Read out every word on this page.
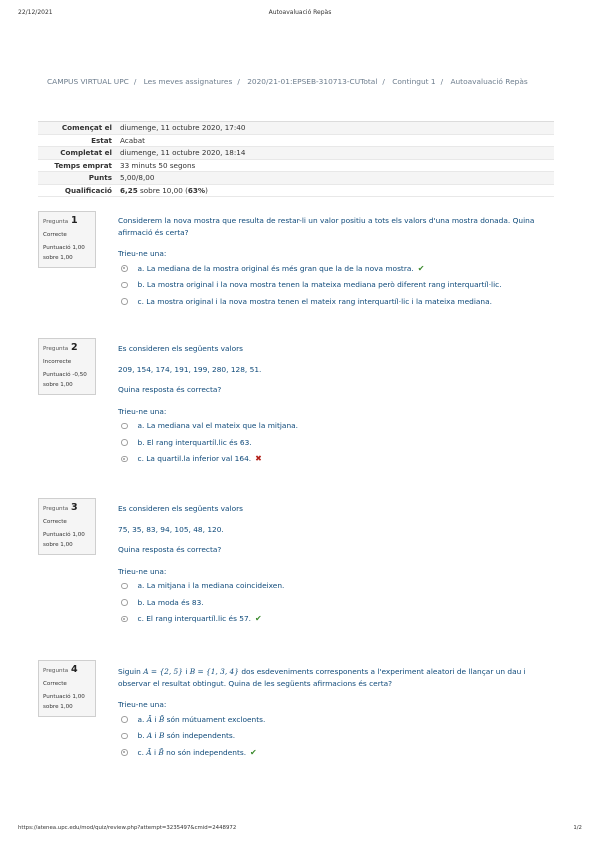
22/12/2021	Autoavaluació Repàs
CAMPUS VIRTUAL UPC / Les meves assignatures / 2020/21-01:EPSEB-310713-CUTotal / Contingut 1 / Autoavaluació Repàs
Començat el	diumenge, 11 octubre 2020, 17:40
Estat	Acabat
Completat el	diumenge, 11 octubre 2020, 18:14
Temps emprat	33 minuts 50 segons
Punts	5,00/8,00
Qualificació	6,25 sobre 10,00 (63%)
Pregunta 1
Correcte
Puntuació 1,00
sobre 1,00

Considerem la nova mostra que resulta de restar-li un valor positiu a tots els valors d'una mostra donada. Quina afirmació és certa?

Trieu-ne una:
a. La mediana de la mostra original és més gran que la de la nova mostra. ✔
b. La mostra original i la nova mostra tenen la mateixa mediana però diferent rang interquartíl·lic.
c. La mostra original i la nova mostra tenen el mateix rang interquartíl·lic i la mateixa mediana.
Pregunta 2
Incorrecte
Puntuació -0,50
sobre 1,00

Es consideren els següents valors

209, 154, 174, 191, 199, 280, 128, 51.

Quina resposta és correcta?

Trieu-ne una:
a. La mediana val el mateix que la mitjana.
b. El rang interquartíl.lic és 63.
c. La quartil.la inferior val 164. ✖
Pregunta 3
Correcte
Puntuació 1,00
sobre 1,00

Es consideren els següents valors

75, 35, 83, 94, 105, 48, 120.

Quina resposta és correcta?

Trieu-ne una:
a. La mitjana i la mediana coincideixen.
b. La moda és 83.
c. El rang interquartíl.lic és 57. ✔
Pregunta 4
Correcte
Puntuació 1,00
sobre 1,00

Siguin A = {2, 5} i B = {1, 3, 4} dos esdeveniments corresponents a l'experiment aleatori de llançar un dau i observar el resultat obtingut. Quina de les següents afirmacions és certa?

Trieu-ne una:
a. Ā i B̄ són mútuament excloents.
b. A i B són independents.
c. Ā i B̄ no són independents. ✔
https://atenea.upc.edu/mod/quiz/review.php?attempt=3235497&cmid=2448972	1/2
